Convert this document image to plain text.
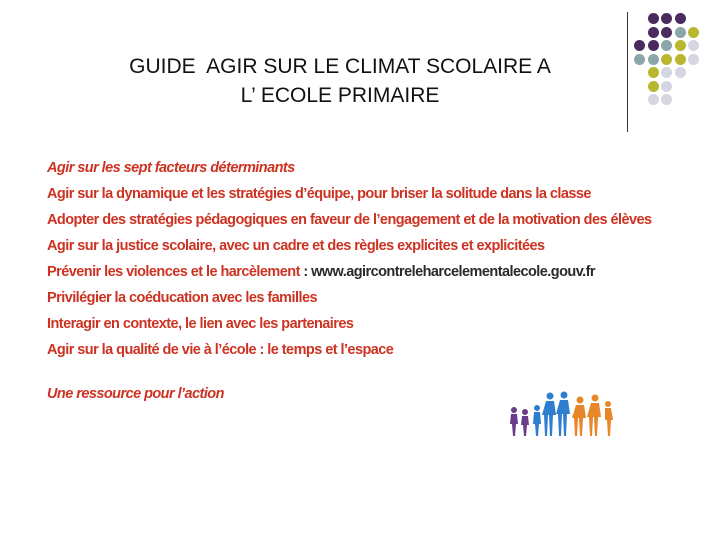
GUIDE  AGIR SUR LE CLIMAT SCOLAIRE A
L’ ECOLE PRIMAIRE
Agir sur les sept facteurs déterminants
Agir sur la dynamique et les stratégies d’équipe, pour briser la solitude dans la classe
Adopter des stratégies pédagogiques en faveur de l’engagement et de la motivation des élèves
Agir sur la justice scolaire, avec un cadre et des règles explicites et explicitées
Prévenir les violences et le harcèlement : www.agircontreleharcelementalecole.gouv.fr
Privilégier la coéducation avec les familles
Interagir en contexte, le lien avec les partenaires
Agir sur la qualité de vie à l’école : le temps et l’espace
Une ressource pour l’action
